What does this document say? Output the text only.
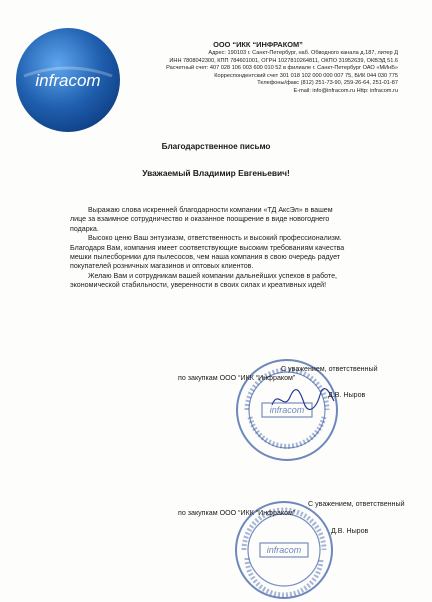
infracom
ООО “ИКК “ИНФРАКОМ”
Адрес: 190103 г. Санкт-Петербург, наб. Обводного канала д.187, литер Д
ИНН 7808042300, КПП 784601001, ОГРН 1027810264811, ОКПО 31952639, ОКВЭД 51.6
Расчетный счет: 407 028 106 003 600 010 52 в филиале г. Санкт-Петербург ОАО «МИнБ»
Корреспондентский счет 301 018 102 000 000 007 75, БИК 044 030 775
Телефоны/факс (812) 251-73-90, 259-26-64, 251-01-87
E-mail: info@infracom.ru Http: infracom.ru
Благодарственное письмо
Уважаемый Владимир Евгеньевич!
Выражаю слова искренней благодарности компании «ТД АксЭл» в вашем
лице за взаимное сотрудничество и оказанное поощрение в виде новогоднего
подарка.
Высоко ценю Ваш энтузиазм, ответственность и высокий профессионализм.
Благодаря Вам, компания имеет соответствующие высоким требованиям качества
мешки пылесборники для пылесосов, чем наша компания в свою очередь радует
покупателей розничных магазинов и оптовых клиентов.
Желаю Вам и сотрудникам вашей компании дальнейших успехов в работе,
экономической стабильности, уверенности в своих силах и креативных идей!
infracom
С уважением, ответственный
по закупкам ООО “ИКК “Инфраком”
Д.В. Ныров
infracom
С уважением, ответственный
по закупкам ООО “ИКК “Инфраком”
Д.В. Ныров
